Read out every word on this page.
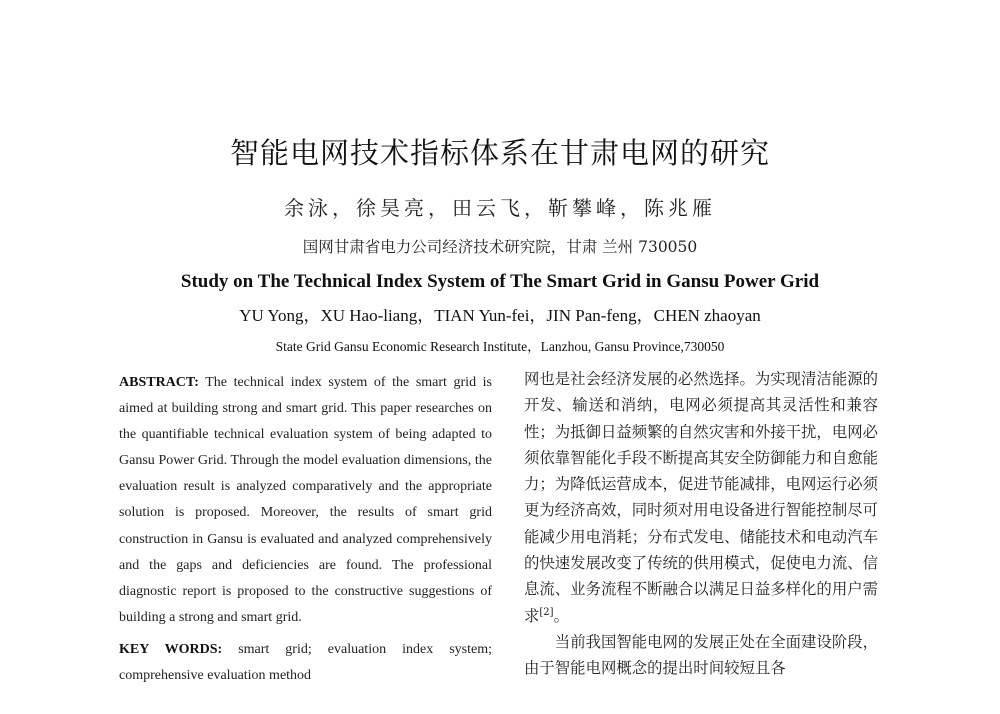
智能电网技术指标体系在甘肃电网的研究
余泳，徐昊亮，田云飞，靳攀峰，陈兆雁
国网甘肃省电力公司经济技术研究院，甘肃 兰州 730050
Study on The Technical Index System of The Smart Grid in Gansu Power Grid
YU Yong，XU Hao-liang，TIAN Yun-fei，JIN Pan-feng，CHEN zhaoyan
State Grid Gansu Economic Research Institute，Lanzhou, Gansu Province,730050

ABSTRACT: The technical index system of the smart grid is aimed at building strong and smart grid. This paper researches on the quantifiable technical evaluation system of being adapted to Gansu Power Grid. Through the model evaluation dimensions, the evaluation result is analyzed comparatively and the appropriate solution is proposed. Moreover, the results of smart grid construction in Gansu is evaluated and analyzed comprehensively and the gaps and deficiencies are found. The professional diagnostic report is proposed to the constructive suggestions of building a strong and smart grid.

KEY WORDS: smart grid; evaluation index system; comprehensive evaluation method

网也是社会经济发展的必然选择。为实现清洁能源的开发、输送和消纳，电网必须提高其灵活性和兼容性；为抵御日益频繁的自然灾害和外接干扰，电网必须依靠智能化手段不断提高其安全防御能力和自愈能力；为降低运营成本，促进节能减排，电网运行必须更为经济高效，同时须对用电设备进行智能控制尽可能减少用电消耗；分布式发电、储能技术和电动汽车的快速发展改变了传统的供用模式，促使电力流、信息流、业务流程不断融合以满足日益多样化的用户需求[2]。

当前我国智能电网的发展正处在全面建设阶段，由于智能电网概念的提出时间较短且各
